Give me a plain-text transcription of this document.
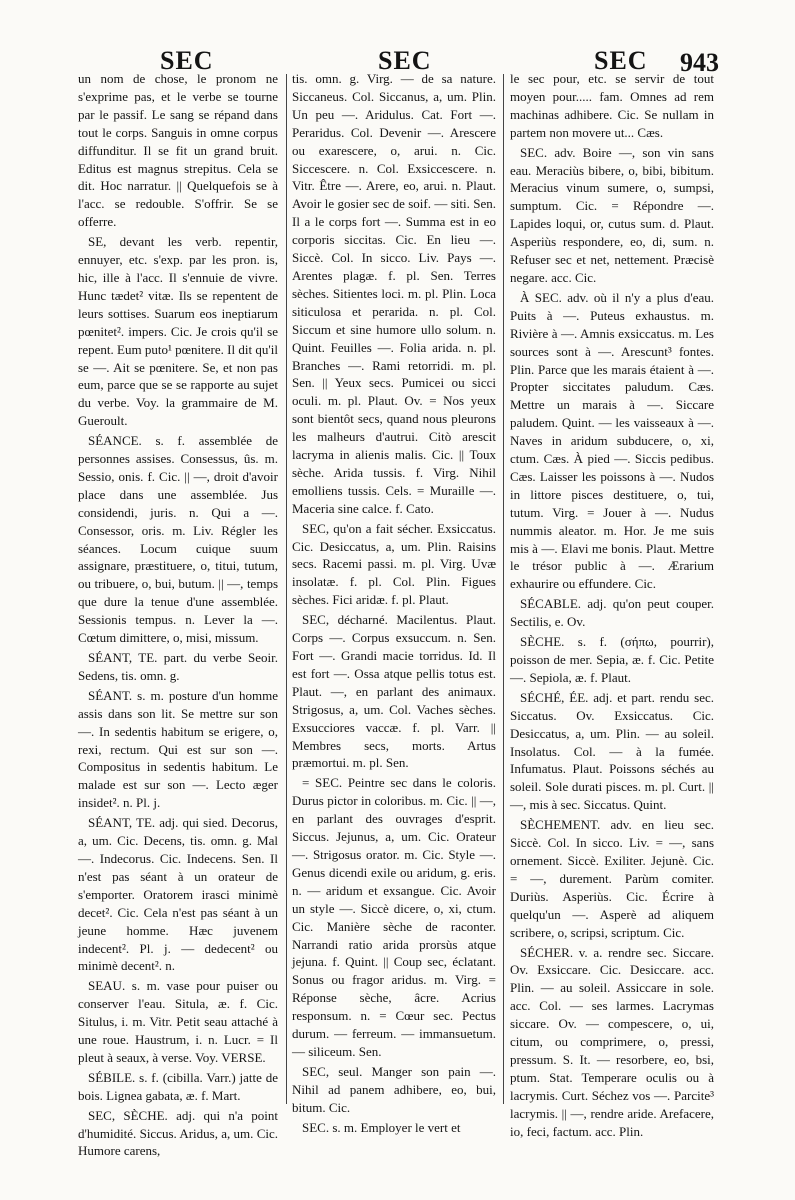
SEC	SEC	SEC 943

un nom de chose, le pronom ne s'exprime pas, et le verbe se tourne par le passif. Le sang se répand dans tout le corps. Sanguis in omne corpus diffunditur. Il se fit un grand bruit. Editus est magnus strepitus. Cela se dit. Hoc narratur. || Quelquefois se à l'acc. se redouble. S'offrir. Se se offerre.

SE, devant les verb. repentir, ennuyer, etc. s'exp. par les pron. is, hic, ille à l'acc. Il s'ennuie de vivre. Hunc tædet² vitæ. Ils se repentent de leurs sottises. Suarum eos ineptiarum pœnitet². impers. Cic. Je crois qu'il se repent. Eum puto¹ pœnitere. Il dit qu'il se —. Ait se pœnitere. Se, et non pas eum, parce que se se rapporte au sujet du verbe. Voy. la grammaire de M. Gueroult.

SÉANCE. s. f. assemblée de personnes assises. Consessus, ûs. m. Sessio, onis. f. Cic. || —, droit d'avoir place dans une assemblée. Jus considendi, juris. n. Qui a —. Consessor, oris. m. Liv. Régler les séances. Locum cuique suum assignare, præstituere, o, titui, tutum, ou tribuere, o, bui, butum. || —, temps que dure la tenue d'une assemblée. Sessionis tempus. n. Lever la —. Cœtum dimittere, o, misi, missum.

SÉANT, TE. part. du verbe Seoir. Sedens, tis. omn. g.

SÉANT. s. m. posture d'un homme assis dans son lit. Se mettre sur son —. In sedentis habitum se erigere, o, rexi, rectum. Qui est sur son —. Compositus in sedentis habitum. Le malade est sur son —. Lecto æger insidet². n. Pl. j.

SÉANT, TE. adj. qui sied. Decorus, a, um. Cic. Decens, tis. omn. g. Mal —. Indecorus. Cic. Indecens. Sen. Il n'est pas séant à un orateur de s'emporter. Oratorem irasci minimè decet². Cic. Cela n'est pas séant à un jeune homme. Hæc juvenem indecent². Pl. j. — dedecent² ou minimè decent². n.

SEAU. s. m. vase pour puiser ou conserver l'eau. Situla, æ. f. Cic. Situlus, i. m. Vitr. Petit seau attaché à une roue. Haustrum, i. n. Lucr. = Il pleut à seaux, à verse. Voy. VERSE.

SÉBILE. s. f. (cibilla. Varr.) jatte de bois. Lignea gabata, æ. f. Mart.

SEC, SÈCHE. adj. qui n'a point d'humidité. Siccus. Aridus, a, um. Cic. Humore carens,

tis. omn. g. Virg. — de sa nature. Siccaneus. Col. Siccanus, a, um. Plin. Un peu —. Aridulus. Cat. Fort —. Peraridus. Col. Devenir —. Arescere ou exarescere, o, arui. n. Cic. Siccescere. n. Col. Exsiccescere. n. Vitr. Être —. Arere, eo, arui. n. Plaut. Avoir le gosier sec de soif. — siti. Sen. Il a le corps fort —. Summa est in eo corporis siccitas. Cic. En lieu —. Siccè. Col. In sicco. Liv. Pays —. Arentes plagæ. f. pl. Sen. Terres sèches. Sitientes loci. m. pl. Plin. Loca siticulosa et perarida. n. pl. Col. Siccum et sine humore ullo solum. n. Quint. Feuilles —. Folia arida. n. pl. Branches —. Rami retorridi. m. pl. Sen. || Yeux secs. Pumicei ou sicci oculi. m. pl. Plaut. Ov. = Nos yeux sont bientôt secs, quand nous pleurons les malheurs d'autrui. Citò arescit lacryma in alienis malis. Cic. || Toux sèche. Arida tussis. f. Virg. Nihil emolliens tussis. Cels. = Muraille —. Maceria sine calce. f. Cato.

SEC, qu'on a fait sécher. Exsiccatus. Cic. Desiccatus, a, um. Plin. Raisins secs. Racemi passi. m. pl. Virg. Uvæ insolatæ. f. pl. Col. Plin. Figues sèches. Fici aridæ. f. pl. Plaut.

SEC, décharné. Macilentus. Plaut. Corps —. Corpus exsuccum. n. Sen. Fort —. Grandi macie torridus. Id. Il est fort —. Ossa atque pellis totus est. Plaut. —, en parlant des animaux. Strigosus, a, um. Col. Vaches sèches. Exsucciores vaccæ. f. pl. Varr. || Membres secs, morts. Artus præmortui. m. pl. Sen.

= SEC. Peintre sec dans le coloris. Durus pictor in coloribus. m. Cic. || —, en parlant des ouvrages d'esprit. Siccus. Jejunus, a, um. Cic. Orateur —. Strigosus orator. m. Cic. Style —. Genus dicendi exile ou aridum, g. eris. n. — aridum et exsangue. Cic. Avoir un style —. Siccè dicere, o, xi, ctum. Cic. Manière sèche de raconter. Narrandi ratio arida prorsùs atque jejuna. f. Quint. || Coup sec, éclatant. Sonus ou fragor aridus. m. Virg. = Réponse sèche, âcre. Acrius responsum. n. = Cœur sec. Pectus durum. — ferreum. — immansuetum. — siliceum. Sen.

SEC, seul. Manger son pain —. Nihil ad panem adhibere, eo, bui, bitum. Cic.

SEC. s. m. Employer le vert et

le sec pour, etc. se servir de tout moyen pour..... fam. Omnes ad rem machinas adhibere. Cic. Se nullam in partem non movere ut... Cæs.

SEC. adv. Boire —, son vin sans eau. Meraciùs bibere, o, bibi, bibitum. Meracius vinum sumere, o, sumpsi, sumptum. Cic. = Répondre —. Lapides loqui, or, cutus sum. d. Plaut. Asperiùs respondere, eo, di, sum. n. Refuser sec et net, nettement. Præcisè negare. acc. Cic.

À SEC. adv. où il n'y a plus d'eau. Puits à —. Puteus exhaustus. m. Rivière à —. Amnis exsiccatus. m. Les sources sont à —. Arescunt³ fontes. Plin. Parce que les marais étaient à —. Propter siccitates paludum. Cæs. Mettre un marais à —. Siccare paludem. Quint. — les vaisseaux à —. Naves in aridum subducere, o, xi, ctum. Cæs. À pied —. Siccis pedibus. Cæs. Laisser les poissons à —. Nudos in littore pisces destituere, o, tui, tutum. Virg. = Jouer à —. Nudus nummis aleator. m. Hor. Je me suis mis à —. Elavi me bonis. Plaut. Mettre le trésor public à —. Ærarium exhaurire ou effundere. Cic.

SÉCABLE. adj. qu'on peut couper. Sectilis, e. Ov.

SÈCHE. s. f. (σήπω, pourrir), poisson de mer. Sepia, æ. f. Cic. Petite —. Sepiola, æ. f. Plaut.

SÉCHÉ, ÉE. adj. et part. rendu sec. Siccatus. Ov. Exsiccatus. Cic. Desiccatus, a, um. Plin. — au soleil. Insolatus. Col. — à la fumée. Infumatus. Plaut. Poissons séchés au soleil. Sole durati pisces. m. pl. Curt. || —, mis à sec. Siccatus. Quint.

SÈCHEMENT. adv. en lieu sec. Siccè. Col. In sicco. Liv. = —, sans ornement. Siccè. Exiliter. Jejunè. Cic. = —, durement. Parùm comiter. Duriùs. Asperiùs. Cic. Écrire à quelqu'un —. Asperè ad aliquem scribere, o, scripsi, scriptum. Cic.

SÉCHER. v. a. rendre sec. Siccare. Ov. Exsiccare. Cic. Desiccare. acc. Plin. — au soleil. Assiccare in sole. acc. Col. — ses larmes. Lacrymas siccare. Ov. — compescere, o, ui, citum, ou comprimere, o, pressi, pressum. S. It. — resorbere, eo, bsi, ptum. Stat. Temperare oculis ou à lacrymis. Curt. Séchez vos —. Parcite³ lacrymis. || —, rendre aride. Arefacere, io, feci, factum. acc. Plin.
